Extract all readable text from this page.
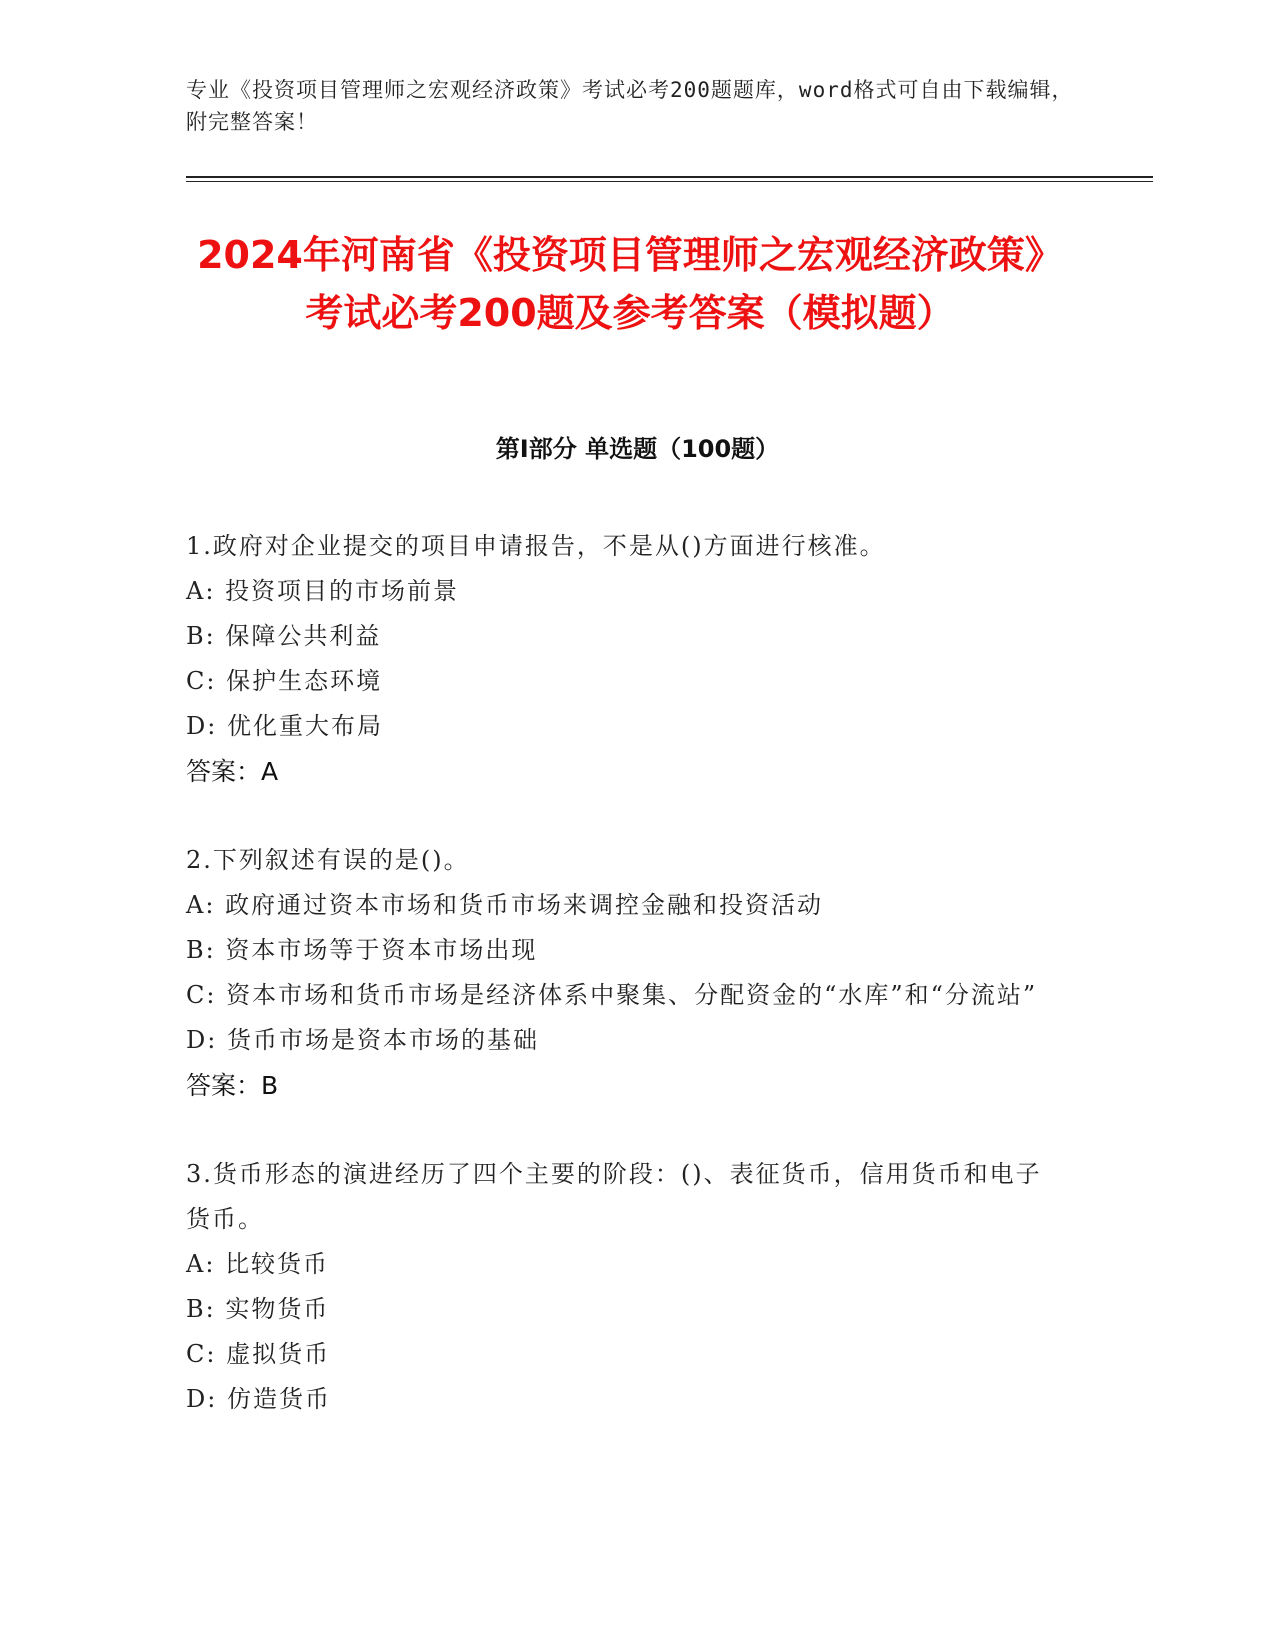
专业《投资项目管理师之宏观经济政策》考试必考200题题库，word格式可自由下载编辑，附完整答案！
2024年河南省《投资项目管理师之宏观经济政策》考试必考200题及参考答案（模拟题）
第I部分 单选题（100题）
1.政府对企业提交的项目申请报告，不是从()方面进行核准。
A:
投资项目的市场前景
B:
保障公共利益
C:
保护生态环境
D:
优化重大布局
答案：A
2.下列叙述有误的是()。
A:
政府通过资本市场和货币市场来调控金融和投资活动
B:
资本市场等于资本市场出现
C: 资本市场和货币市场是经济体系中聚集、分配资金的“水库”和“分流站”
D:
货币市场是资本市场的基础
答案：B
3.货币形态的演进经历了四个主要的阶段：()、表征货币，信用货币和电子货币。
A:
比较货币
B:
实物货币
C:
虚拟货币
D:
仿造货币
